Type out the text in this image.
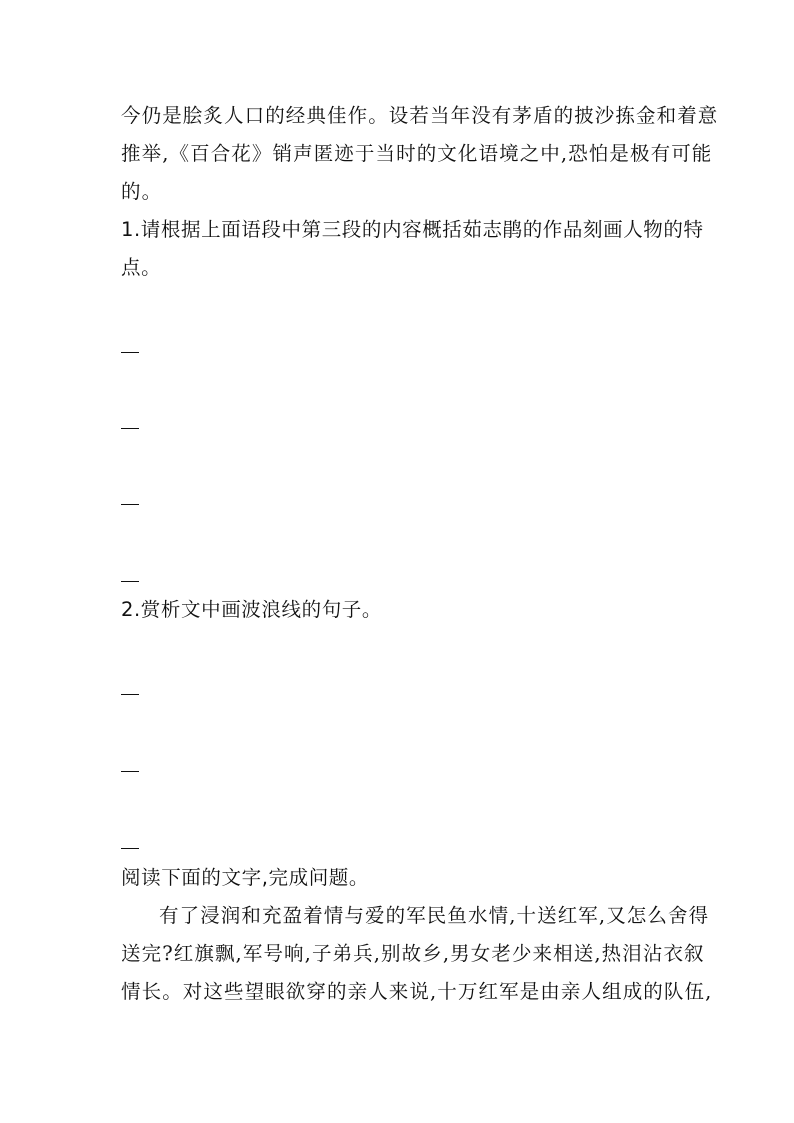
今仍是脍炙人口的经典佳作。设若当年没有茅盾的披沙拣金和着意
推举,《百合花》销声匿迹于当时的文化语境之中,恐怕是极有可能
的。
1.请根据上面语段中第三段的内容概括茹志鹃的作品刻画人物的特
点。
2.赏析文中画波浪线的句子。
阅读下面的文字,完成问题。
有了浸润和充盈着情与爱的军民鱼水情,十送红军,又怎么舍得
送完?红旗飘,军号响,子弟兵,别故乡,男女老少来相送,热泪沾衣叙
情长。对这些望眼欲穿的亲人来说,十万红军是由亲人组成的队伍,
